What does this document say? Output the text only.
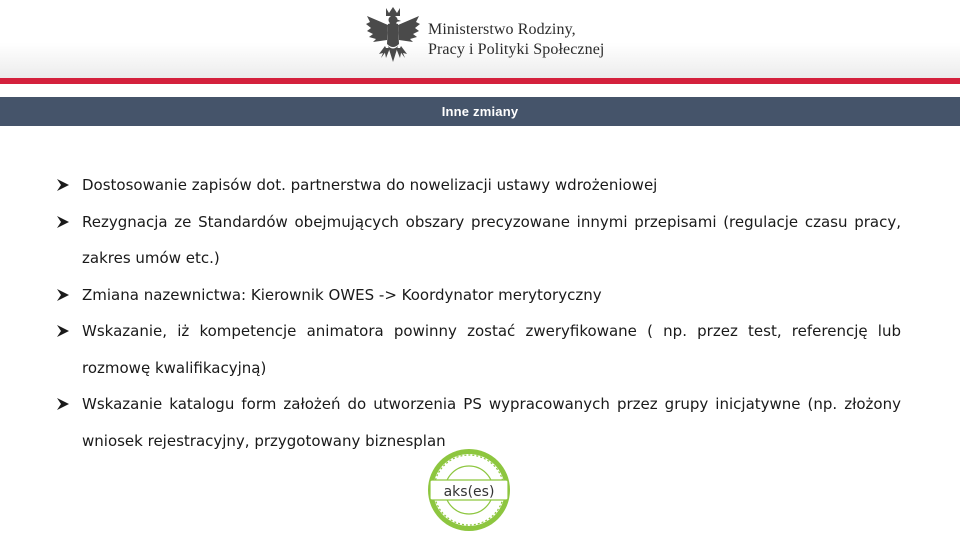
Ministerstwo Rodziny,
Pracy i Polityki Społecznej
Inne zmiany
Dostosowanie zapisów dot. partnerstwa do nowelizacji ustawy wdrożeniowej
Rezygnacja ze Standardów obejmujących obszary precyzowane innymi przepisami (regulacje czasu pracy, zakres umów etc.)
Zmiana nazewnictwa: Kierownik OWES -> Koordynator merytoryczny
Wskazanie, iż kompetencje animatora powinny zostać zweryfikowane ( np. przez test, referencję lub rozmowę kwalifikacyjną)
Wskazanie katalogu form założeń do utworzenia PS wypracowanych przez grupy inicjatywne (np. złożony wniosek rejestracyjny, przygotowany biznesplan
aks(es)
